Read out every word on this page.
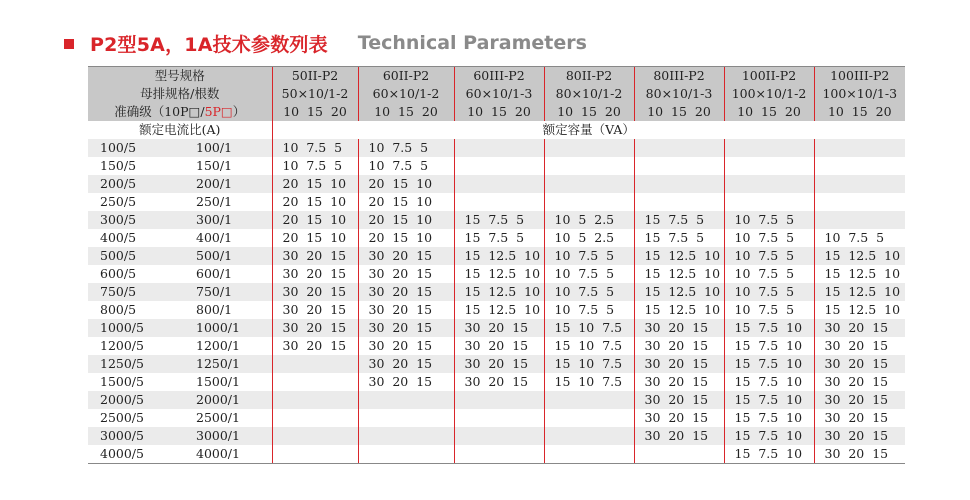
P2型5A，1A技术参数列表 Technical Parameters
型号规格		50II-P2	60II-P2	60III-P2	80II-P2	80III-P2	100II-P2	100III-P2
母排规格/根数		50×10/1-2	60×10/1-2	60×10/1-3	80×10/1-2	80×10/1-3	100×10/1-2	100×10/1-3
准确级（10P□/5P□）		10  15  20	10  15  20	10  15  20	10  15  20	10  15  20	10  15  20	10  15  20
额定电流比(A)		额定容量（VA）						
100/5	100/1	10  7.5  5	10  7.5  5					
150/5	150/1	10  7.5  5	10  7.5  5					
200/5	200/1	20  15  10	20  15  10					
250/5	250/1	20  15  10	20  15  10					
300/5	300/1	20  15  10	20  15  10	15  7.5  5	10  5  2.5	15  7.5  5	10  7.5  5	
400/5	400/1	20  15  10	20  15  10	15  7.5  5	10  5  2.5	15  7.5  5	10  7.5  5	10  7.5  5
500/5	500/1	30  20  15	30  20  15	15  12.5  10	10  7.5  5	15  12.5  10	10  7.5  5	15  12.5  10
600/5	600/1	30  20  15	30  20  15	15  12.5  10	10  7.5  5	15  12.5  10	10  7.5  5	15  12.5  10
750/5	750/1	30  20  15	30  20  15	15  12.5  10	10  7.5  5	15  12.5  10	10  7.5  5	15  12.5  10
800/5	800/1	30  20  15	30  20  15	15  12.5  10	10  7.5  5	15  12.5  10	10  7.5  5	15  12.5  10
1000/5	1000/1	30  20  15	30  20  15	30  20  15	15  10  7.5	30  20  15	15  7.5  10	30  20  15
1200/5	1200/1	30  20  15	30  20  15	30  20  15	15  10  7.5	30  20  15	15  7.5  10	30  20  15
1250/5	1250/1		30  20  15	30  20  15	15  10  7.5	30  20  15	15  7.5  10	30  20  15
1500/5	1500/1		30  20  15	30  20  15	15  10  7.5	30  20  15	15  7.5  10	30  20  15
2000/5	2000/1					30  20  15	15  7.5  10	30  20  15
2500/5	2500/1					30  20  15	15  7.5  10	30  20  15
3000/5	3000/1					30  20  15	15  7.5  10	30  20  15
4000/5	4000/1						15  7.5  10	30  20  15
